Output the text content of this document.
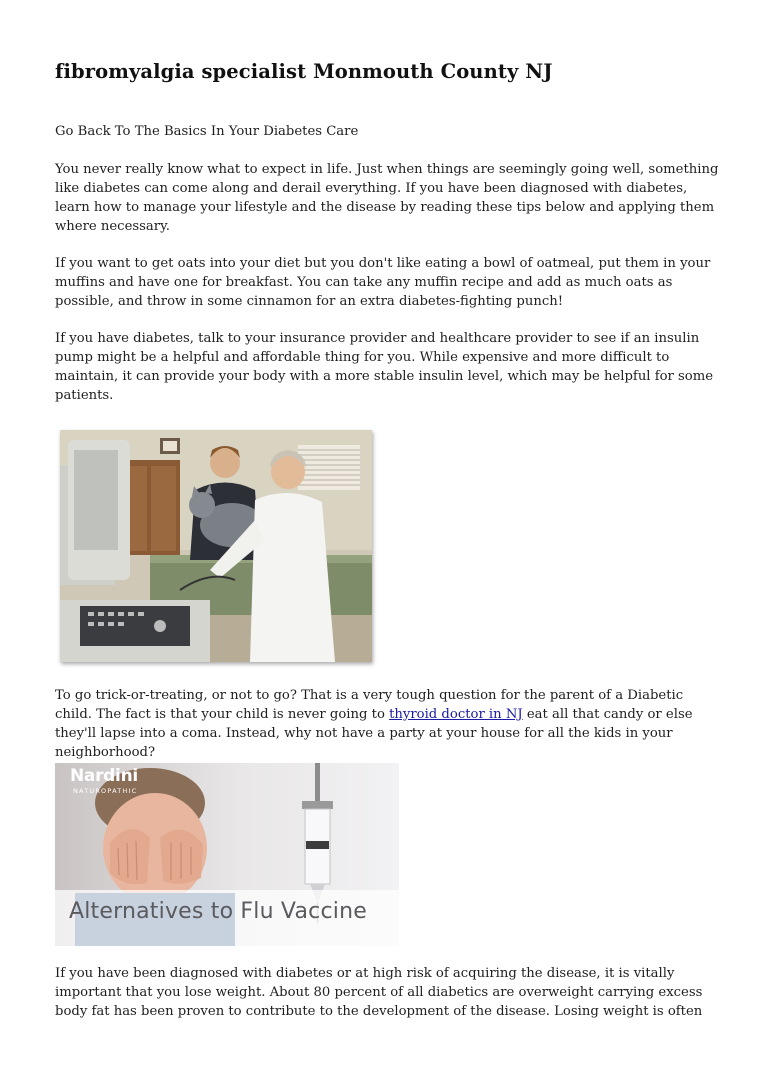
fibromyalgia specialist Monmouth County NJ

Go Back To The Basics In Your Diabetes Care

You never really know what to expect in life. Just when things are seemingly going well, something like diabetes can come along and derail everything. If you have been diagnosed with diabetes, learn how to manage your lifestyle and the disease by reading these tips below and applying them where necessary.

If you want to get oats into your diet but you don't like eating a bowl of oatmeal, put them in your muffins and have one for breakfast. You can take any muffin recipe and add as much oats as possible, and throw in some cinnamon for an extra diabetes-fighting punch!

If you have diabetes, talk to your insurance provider and healthcare provider to see if an insulin pump might be a helpful and affordable thing for you. While expensive and more difficult to maintain, it can provide your body with a more stable insulin level, which may be helpful for some patients.

To go trick-or-treating, or not to go? That is a very tough question for the parent of a Diabetic child. The fact is that your child is never going to thyroid doctor in NJ eat all that candy or else they'll lapse into a coma. Instead, why not have a party at your house for all the kids in your neighborhood?

Nardini
NATUROPATHIC
Alternatives to Flu Vaccine

If you have been diagnosed with diabetes or at high risk of acquiring the disease, it is vitally important that you lose weight. About 80 percent of all diabetics are overweight carrying excess body fat has been proven to contribute to the development of the disease. Losing weight is often
